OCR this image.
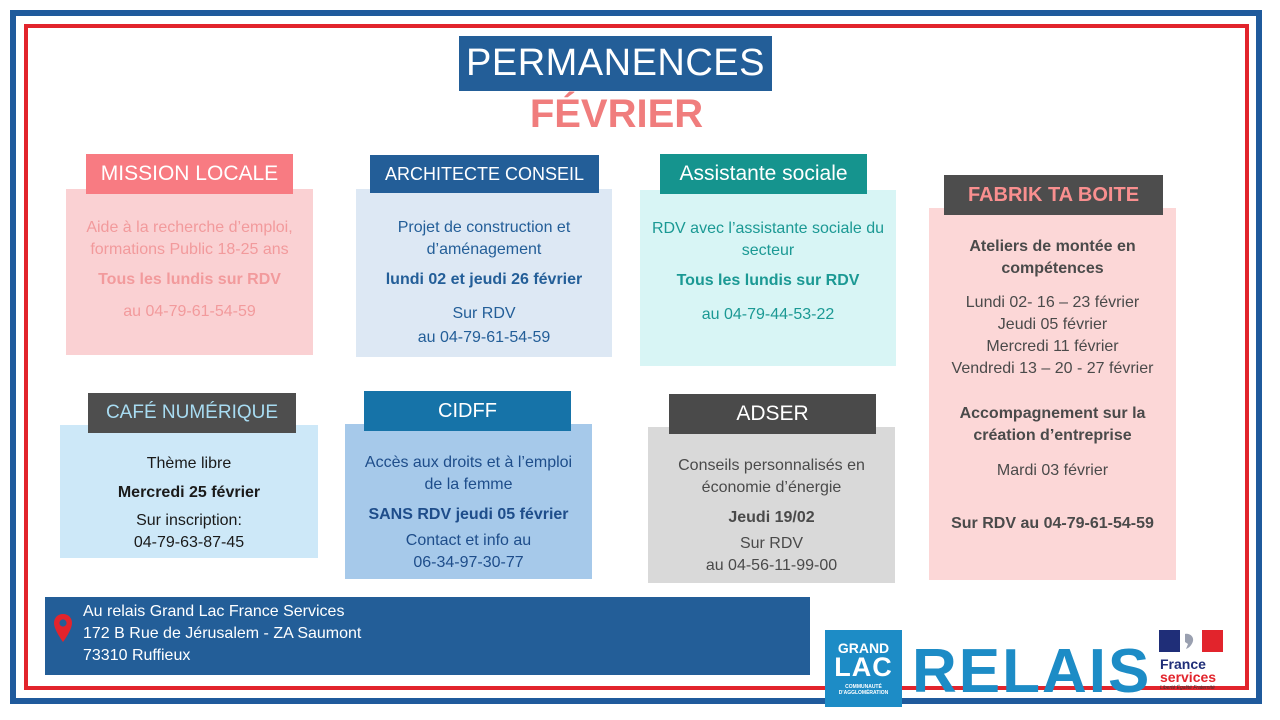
PERMANENCES
FÉVRIER

Aide à la recherche d’emploi, formations Public 18-25 ans

Tous les lundis sur RDV

au 04-79-61-54-59

MISSION LOCALE

Projet de construction et d’aménagement

lundi 02 et jeudi 26 février

Sur RDV

au 04-79-61-54-59

ARCHITECTE CONSEIL

RDV avec l’assistante sociale du secteur

Tous les lundis sur RDV

au 04-79-44-53-22

Assistante sociale

Ateliers de montée en compétences

Lundi 02- 16 – 23 février

Jeudi 05 février

Mercredi 11 février

Vendredi 13 – 20 - 27 février

Accompagnement sur la création d’entreprise

Mardi 03 février

Sur RDV au 04-79-61-54-59

FABRIK TA BOITE

Thème libre

Mercredi 25 février

Sur inscription:

04-79-63-87-45

CAFÉ NUMÉRIQUE

Accès aux droits et à l’emploi de la femme

SANS RDV jeudi 05 février

Contact et info au

06-34-97-30-77

CIDFF

Conseils personnalisés en économie d’énergie

Jeudi 19/02

Sur RDV

au 04-56-11-99-00

ADSER
Au relais Grand Lac France Services
172 B Rue de Jérusalem - ZA Saumont
73310 Ruffieux	GRAND
LAC
COMMUNAUTÉ D'AGGLOMÉRATION RELAIS France
services
Liberté Égalité Fraternité
